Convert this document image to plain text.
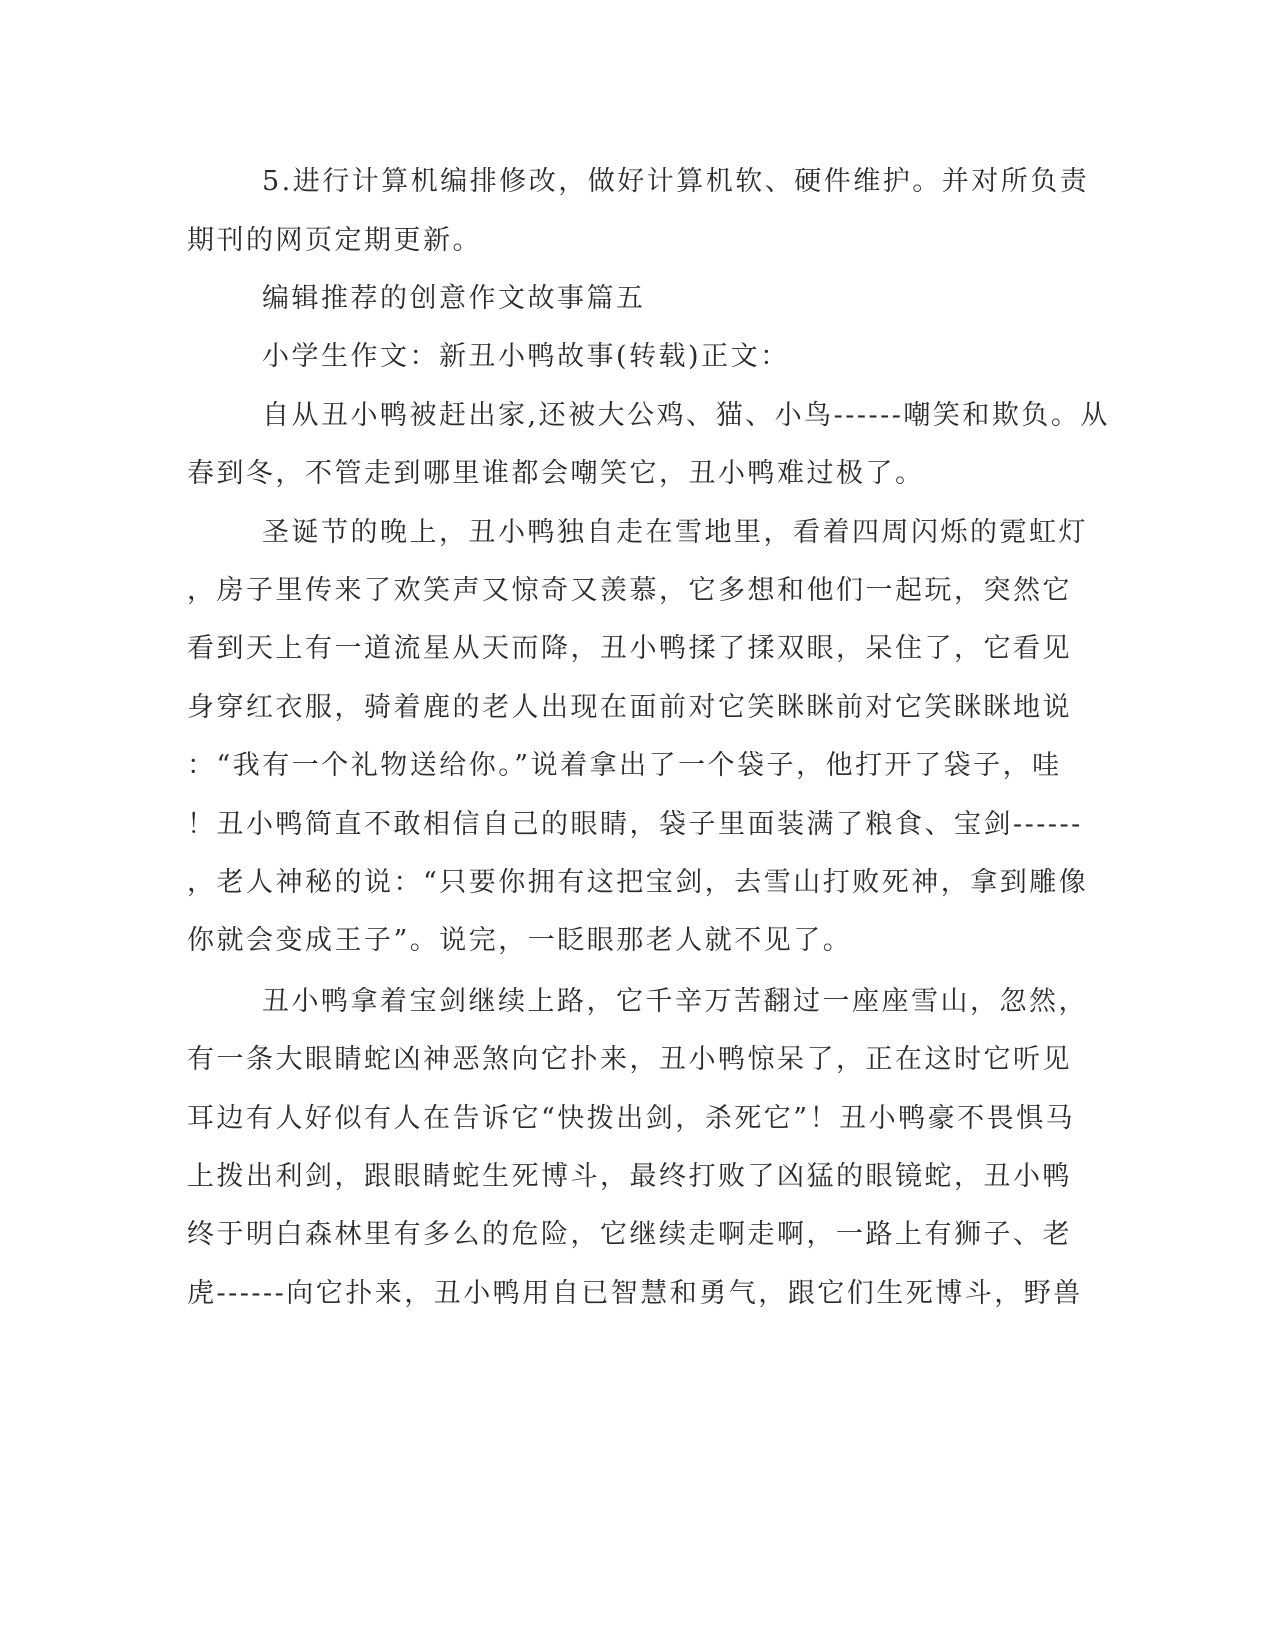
5.进行计算机编排修改，做好计算机软、硬件维护。并对所负责
期刊的网页定期更新。
编辑推荐的创意作文故事篇五
小学生作文：新丑小鸭故事(转载)正文：
自从丑小鸭被赶出家,还被大公鸡、猫、小鸟------嘲笑和欺负。从
春到冬，不管走到哪里谁都会嘲笑它，丑小鸭难过极了。
圣诞节的晚上，丑小鸭独自走在雪地里，看着四周闪烁的霓虹灯
，房子里传来了欢笑声又惊奇又羡慕，它多想和他们一起玩，突然它
看到天上有一道流星从天而降，丑小鸭揉了揉双眼，呆住了，它看见
身穿红衣服，骑着鹿的老人出现在面前对它笑眯眯前对它笑眯眯地说
：“我有一个礼物送给你。”说着拿出了一个袋子，他打开了袋子，哇
！丑小鸭简直不敢相信自己的眼睛，袋子里面装满了粮食、宝剑------
，老人神秘的说：“只要你拥有这把宝剑，去雪山打败死神，拿到雕像
你就会变成王子”。说完，一眨眼那老人就不见了。
丑小鸭拿着宝剑继续上路，它千辛万苦翻过一座座雪山，忽然，
有一条大眼睛蛇凶神恶煞向它扑来，丑小鸭惊呆了，正在这时它听见
耳边有人好似有人在告诉它“快拨出剑，杀死它”！丑小鸭豪不畏惧马
上拨出利剑，跟眼睛蛇生死博斗，最终打败了凶猛的眼镜蛇，丑小鸭
终于明白森林里有多么的危险，它继续走啊走啊，一路上有狮子、老
虎------向它扑来，丑小鸭用自已智慧和勇气，跟它们生死博斗，野兽
